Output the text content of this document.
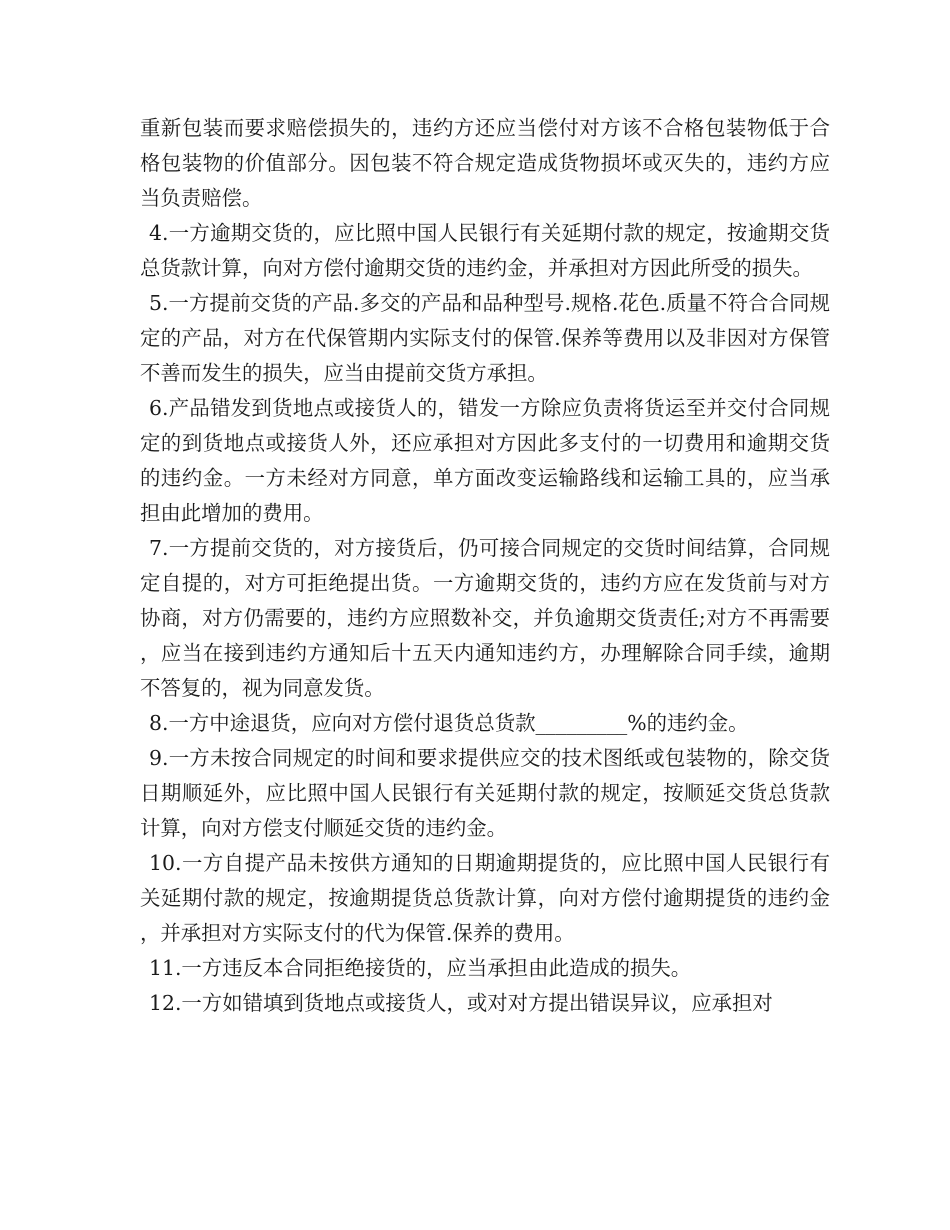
重新包装而要求赔偿损失的，违约方还应当偿付对方该不合格包装物低于合格包装物的价值部分。因包装不符合规定造成货物损坏或灭失的，违约方应当负责赔偿。

4.一方逾期交货的，应比照中国人民银行有关延期付款的规定，按逾期交货总货款计算，向对方偿付逾期交货的违约金，并承担对方因此所受的损失。

5.一方提前交货的产品.多交的产品和品种型号.规格.花色.质量不符合合同规定的产品，对方在代保管期内实际支付的保管.保养等费用以及非因对方保管不善而发生的损失，应当由提前交货方承担。

6.产品错发到货地点或接货人的，错发一方除应负责将货运至并交付合同规定的到货地点或接货人外，还应承担对方因此多支付的一切费用和逾期交货的违约金。一方未经对方同意，单方面改变运输路线和运输工具的，应当承担由此增加的费用。

7.一方提前交货的，对方接货后，仍可接合同规定的交货时间结算，合同规定自提的，对方可拒绝提出货。一方逾期交货的，违约方应在发货前与对方协商，对方仍需要的，违约方应照数补交，并负逾期交货责任;对方不再需要，应当在接到违约方通知后十五天内通知违约方，办理解除合同手续，逾期不答复的，视为同意发货。

8.一方中途退货，应向对方偿付退货总货款_________%的违约金。

9.一方未按合同规定的时间和要求提供应交的技术图纸或包装物的，除交货日期顺延外，应比照中国人民银行有关延期付款的规定，按顺延交货总货款计算，向对方偿支付顺延交货的违约金。

10.一方自提产品未按供方通知的日期逾期提货的，应比照中国人民银行有关延期付款的规定，按逾期提货总货款计算，向对方偿付逾期提货的违约金，并承担对方实际支付的代为保管.保养的费用。

11.一方违反本合同拒绝接货的，应当承担由此造成的损失。

12.一方如错填到货地点或接货人，或对对方提出错误异议，应承担对
